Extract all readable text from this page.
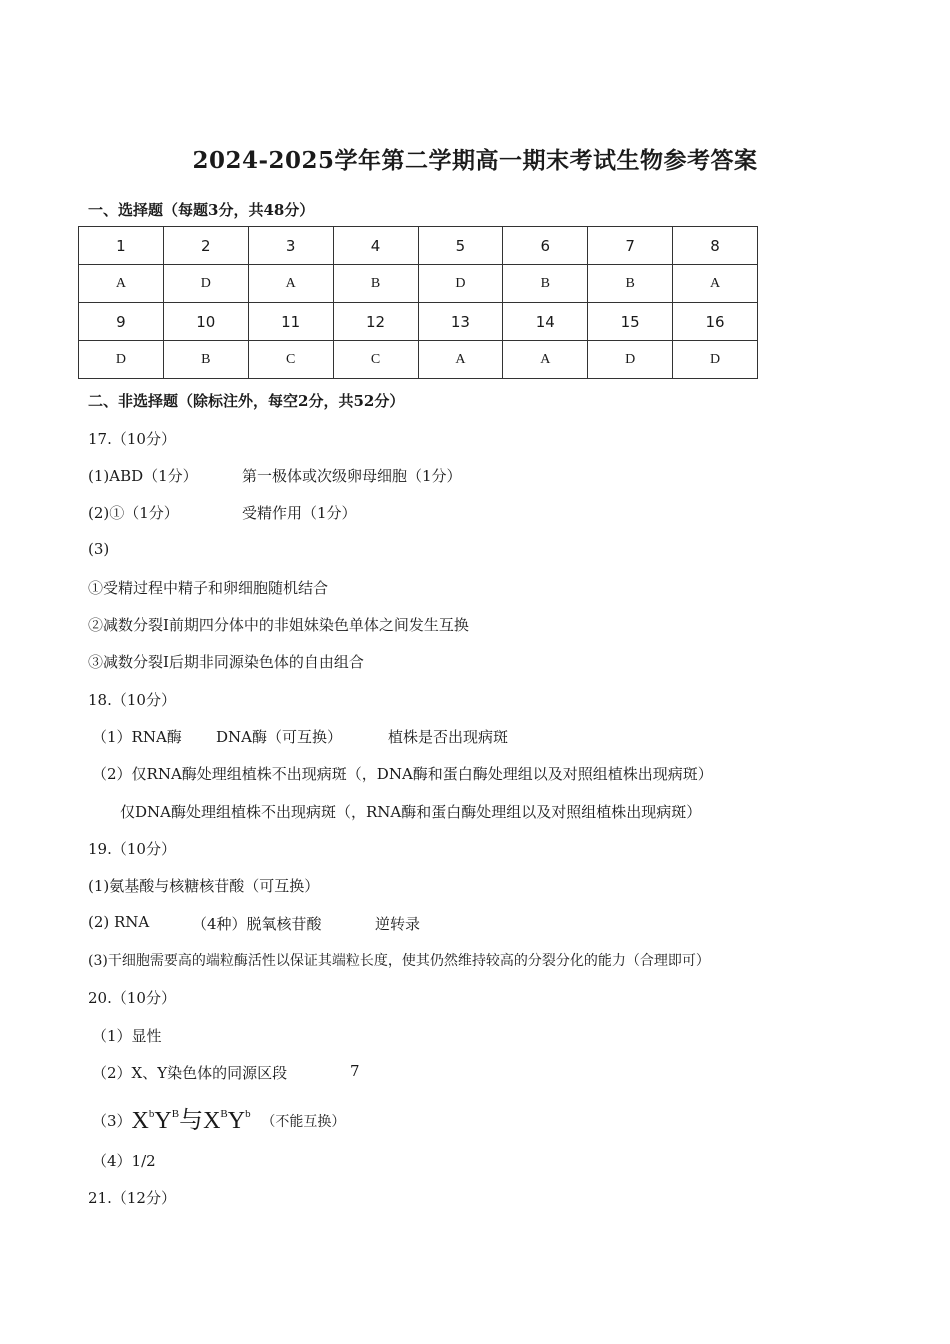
2024-2025学年第二学期高一期末考试生物参考答案
一、选择题（每题3分，共48分）
1	2	3	4	5	6	7	8
A	D	A	B	D	B	B	A
9	10	11	12	13	14	15	16
D	B	C	C	A	A	D	D
二、非选择题（除标注外，每空2分，共52分）
17.（10分）
(1)ABD（1分）	第一极体或次级卵母细胞（1分）
(2)①（1分）	受精作用（1分）
(3)
①受精过程中精子和卵细胞随机结合
②减数分裂Ⅰ前期四分体中的非姐妹染色单体之间发生互换
③减数分裂Ⅰ后期非同源染色体的自由组合
18.（10分）
（1）RNA酶 DNA酶（可互换）	植株是否出现病斑
（2）仅RNA酶处理组植株不出现病斑（，DNA酶和蛋白酶处理组以及对照组植株出现病斑）
仅DNA酶处理组植株不出现病斑（，RNA酶和蛋白酶处理组以及对照组植株出现病斑）
19.（10分）
(1)氨基酸与核糖核苷酸（可互换）
(2) RNA	（4种）脱氧核苷酸	逆转录
(3)干细胞需要高的端粒酶活性以保证其端粒长度，使其仍然维持较高的分裂分化的能力（合理即可）
20.（10分）
（1）显性
（2）X、Y染色体的同源区段	7
$(3)X^bY^B$与$X^BY^b$ （不能互换）
（4）1/2
21.（12分）
